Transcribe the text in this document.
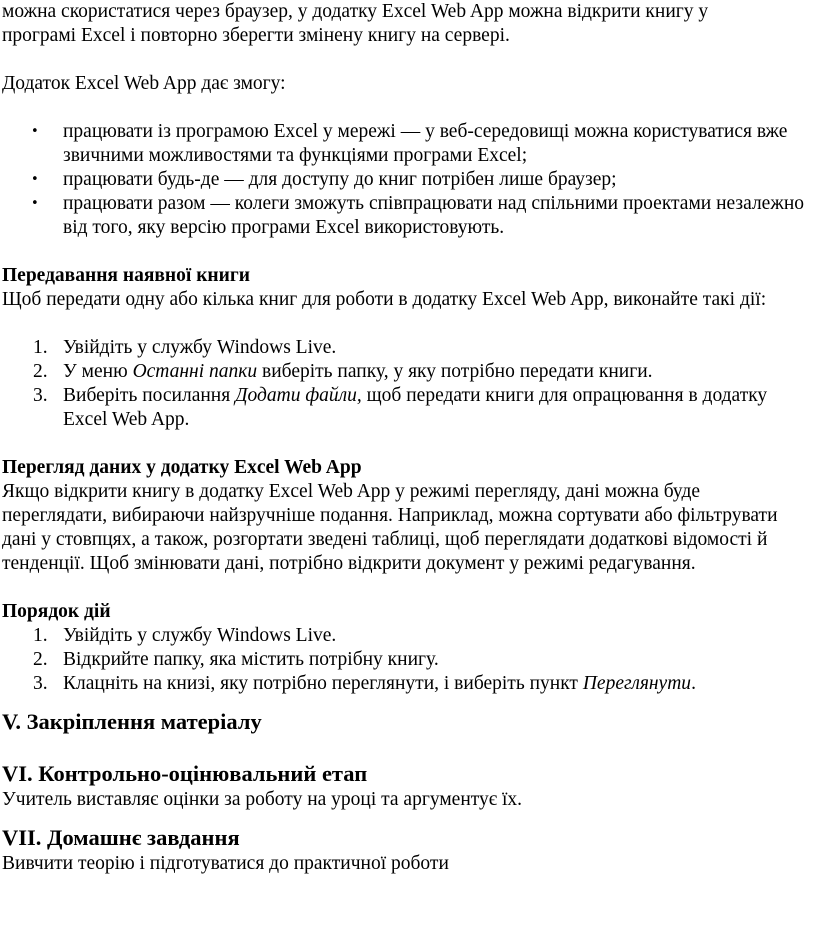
можна скористатися через браузер, у додатку Excel Web App можна відкрити книгу у

програмі Excel і повторно зберегти змінену книгу на сервері.

Додаток Excel Web App дає змогу:

• працювати із програмою Excel у мережі — у веб-середовищі можна користуватися вже звичними можливостями та функціями програми Excel;
• працювати будь-де — для доступу до книг потрібен лише браузер;
• працювати разом — колеги зможуть співпрацювати над спільними проектами незалежно від того, яку версію програми Excel використовують.
Передавання наявної книги

Щоб передати одну або кілька книг для роботи в додатку Excel Web App, виконайте такі дії:

1. Увійдіть у службу Windows Live.
2. У меню Останні папки виберіть папку, у яку потрібно передати книги.
3. Виберіть посилання Додати файли, щоб передати книги для опрацювання в додатку Excel Web App.
Перегляд даних у додатку Excel Web App

Якщо відкрити книгу в додатку Excel Web App у режимі перегляду, дані можна буде переглядати, вибираючи найзручніше подання. Наприклад, можна сортувати або фільтрувати дані у стовпцях, а також, розгортати зведені таблиці, щоб переглядати додаткові відомості й тенденції. Щоб змінювати дані, потрібно відкрити документ у режимі редагування.

Порядок дій
1. Увійдіть у службу Windows Live.
2. Відкрийте папку, яка містить потрібну книгу.
3. Клацніть на книзі, яку потрібно переглянути, і виберіть пункт Переглянути.
V. Закріплення матеріалу
VI. Контрольно-оцінювальний етап

Учитель виставляє оцінки за роботу на уроці та аргументує їх.

VII. Домашнє завдання

Вивчити теорію і підготуватися до практичної роботи
